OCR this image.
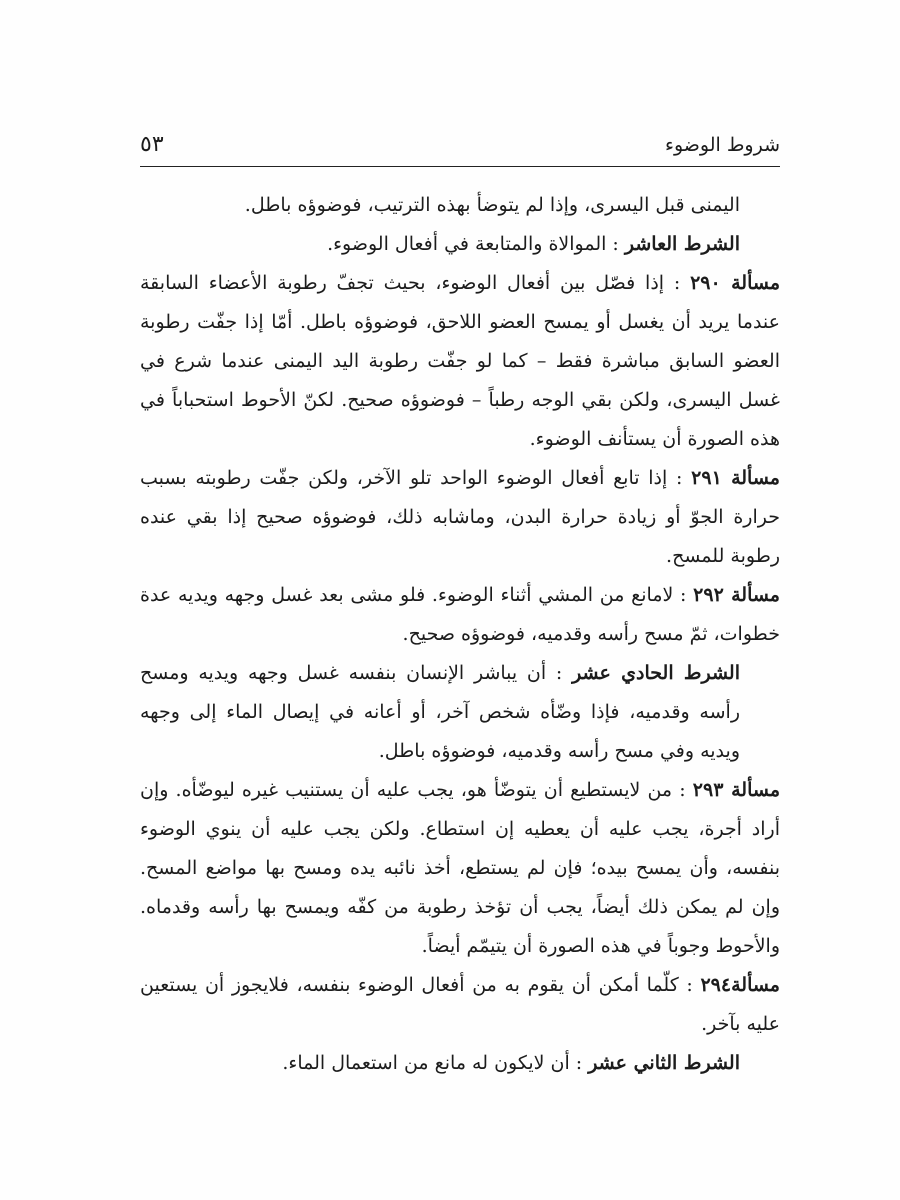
شروط الوضوء
٥٣

اليمنى قبل اليسرى، وإذا لم يتوضأ بهذه الترتيب، فوضوؤه باطل.

الشرط العاشر : الموالاة والمتابعة في أفعال الوضوء.

مسألة ٢٩٠ : إذا فصّل بين أفعال الوضوء، بحيث تجفّ رطوبة الأعضاء السابقة عندما يريد أن يغسل أو يمسح العضو اللاحق، فوضوؤه باطل. أمّا إذا جفّت رطوبة العضو السابق مباشرة فقط – كما لو جفّت رطوبة اليد اليمنى عندما شرع في غسل اليسرى، ولكن بقي الوجه رطباً – فوضوؤه صحيح. لكنّ الأحوط استحباباً في هذه الصورة أن يستأنف الوضوء.

مسألة ٢٩١ : إذا تابع أفعال الوضوء الواحد تلو الآخر، ولكن جفّت رطوبته بسبب حرارة الجوّ أو زيادة حرارة البدن، وماشابه ذلك، فوضوؤه صحيح إذا بقي عنده رطوبة للمسح.

مسألة ٢٩٢ : لامانع من المشي أثناء الوضوء. فلو مشى بعد غسل وجهه ويديه عدة خطوات، ثمّ مسح رأسه وقدميه، فوضوؤه صحيح.

الشرط الحادي عشر : أن يباشر الإنسان بنفسه غسل وجهه ويديه ومسح رأسه وقدميه، فإذا وضّأه شخص آخر، أو أعانه في إيصال الماء إلى وجهه ويديه وفي مسح رأسه وقدميه، فوضوؤه باطل.

مسألة ٢٩٣ : من لايستطيع أن يتوضّأ هو، يجب عليه أن يستنيب غيره ليوضّأه. وإن أراد أجرة، يجب عليه أن يعطيه إن استطاع. ولكن يجب عليه أن ينوي الوضوء بنفسه، وأن يمسح بيده؛ فإن لم يستطع، أخذ نائبه يده ومسح بها مواضع المسح. وإن لم يمكن ذلك أيضاً، يجب أن تؤخذ رطوبة من كفّه ويمسح بها رأسه وقدماه. والأحوط وجوباً في هذه الصورة أن يتيمّم أيضاً.

مسألة٢٩٤ : كلّما أمكن أن يقوم به من أفعال الوضوء بنفسه، فلايجوز أن يستعين عليه بآخر.

الشرط الثاني عشر : أن لايكون له مانع من استعمال الماء.
